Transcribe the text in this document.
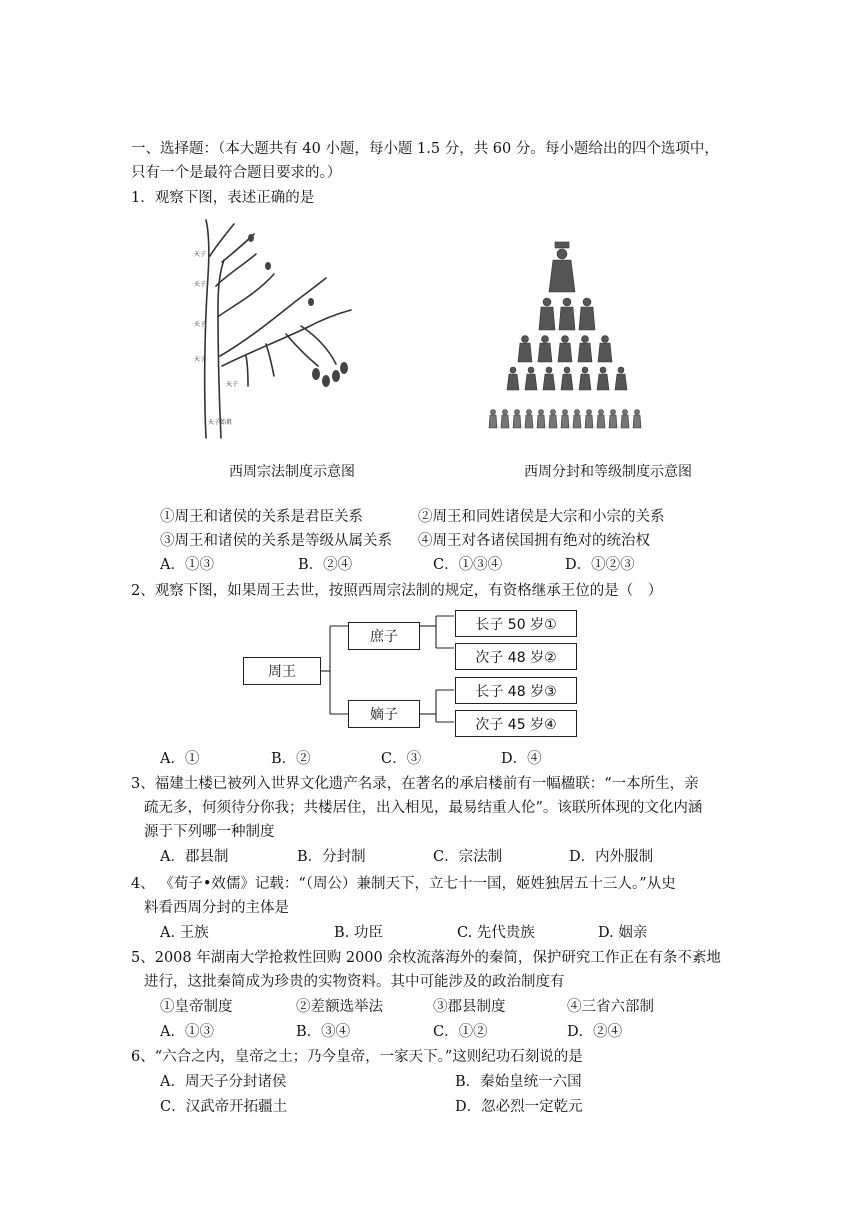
一、选择题：（本大题共有 40 小题，每小题 1.5 分，共 60 分。每小题给出的四个选项中，
只有一个是最符合题目要求的。）
1．观察下图，表述正确的是
天子
天子
天子
天子
天子
天子始祖
西周宗法制度示意图	西周分封和等级制度示意图
①周王和诸侯的关系是君臣关系	②周王和同姓诸侯是大宗和小宗的关系
③周王和诸侯的关系是等级从属关系 ④周王对各诸侯国拥有绝对的统治权
A．①③	B．②④	C．①③④	D．①②③
2、观察下图，如果周王去世，按照西周宗法制的规定，有资格继承王位的是（　）
周王
庶子
嫡子
长子 50 岁①
次子 48 岁②
长子 48 岁③
次子 45 岁④
A．①	B．②	C．③	D．④
3、福建土楼已被列入世界文化遗产名录，在著名的承启楼前有一幅楹联：“一本所生，亲
疏无多，何须待分你我；共楼居住，出入相见，最易结重人伦”。该联所体现的文化内涵
源于下列哪一种制度
A．郡县制	B．分封制	C．宗法制	D．内外服制
4、 《荀子•效儒》记载：“（周公）兼制天下，立七十一国，姬姓独居五十三人。”从史
料看西周分封的主体是
A. 王族	B. 功臣	C. 先代贵族	D. 姻亲
5、2008 年湖南大学抢救性回购 2000 余枚流落海外的秦简，保护研究工作正在有条不紊地
进行，这批秦简成为珍贵的实物资料。其中可能涉及的政治制度有
①皇帝制度	②差额选举法	③郡县制度	④三省六部制
A．①③	B．③④	C．①②	D．②④
6、“六合之内，皇帝之土；乃今皇帝，一家天下。”这则纪功石刻说的是
A．周天子分封诸侯	B．秦始皇统一六国
C．汉武帝开拓疆土	D．忽必烈一定乾元
